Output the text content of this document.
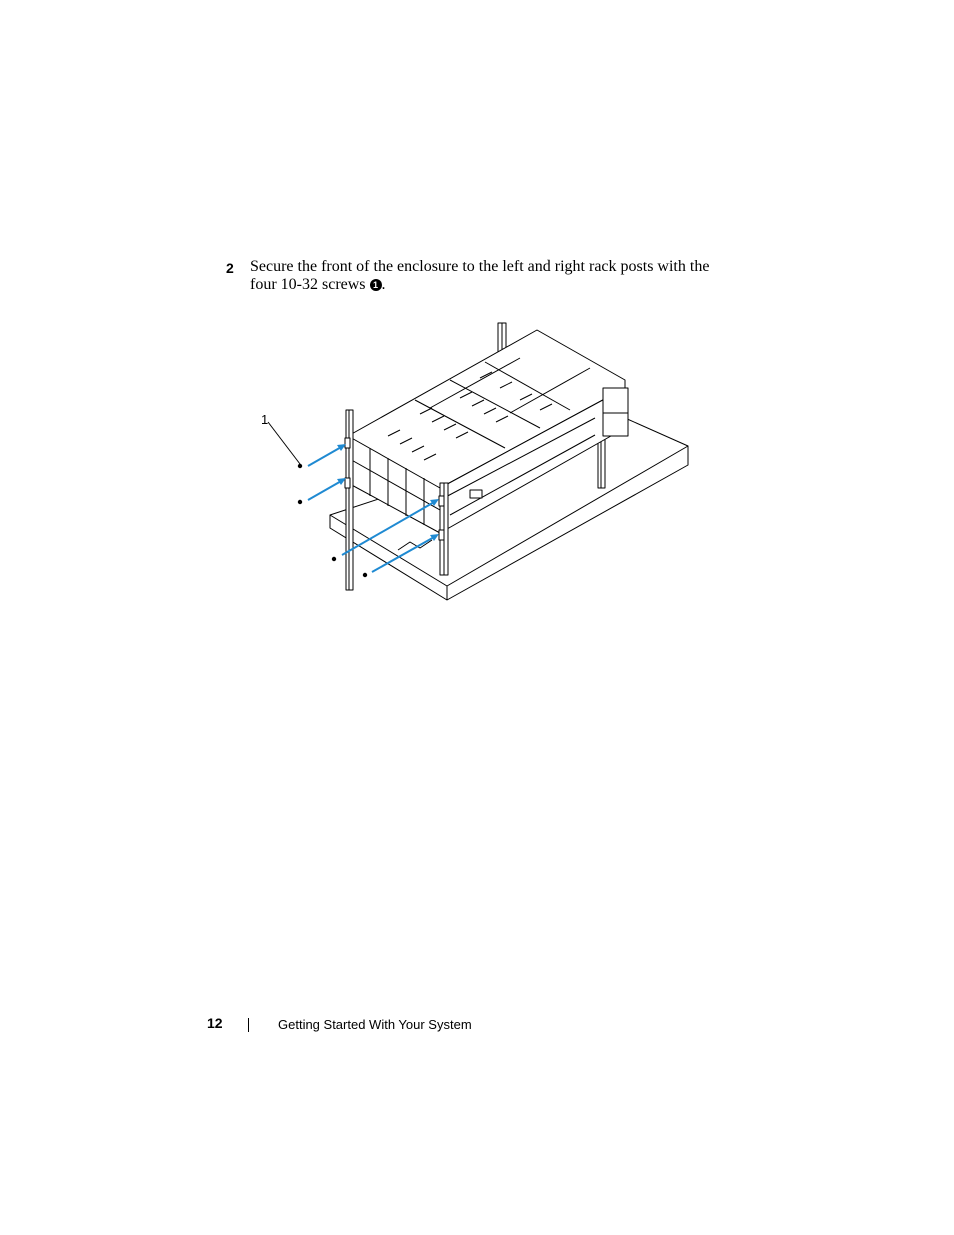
2 Secure the front of the enclosure to the left and right rack posts with the four 10-32 screws 1 .

1
12	Getting Started With Your System
